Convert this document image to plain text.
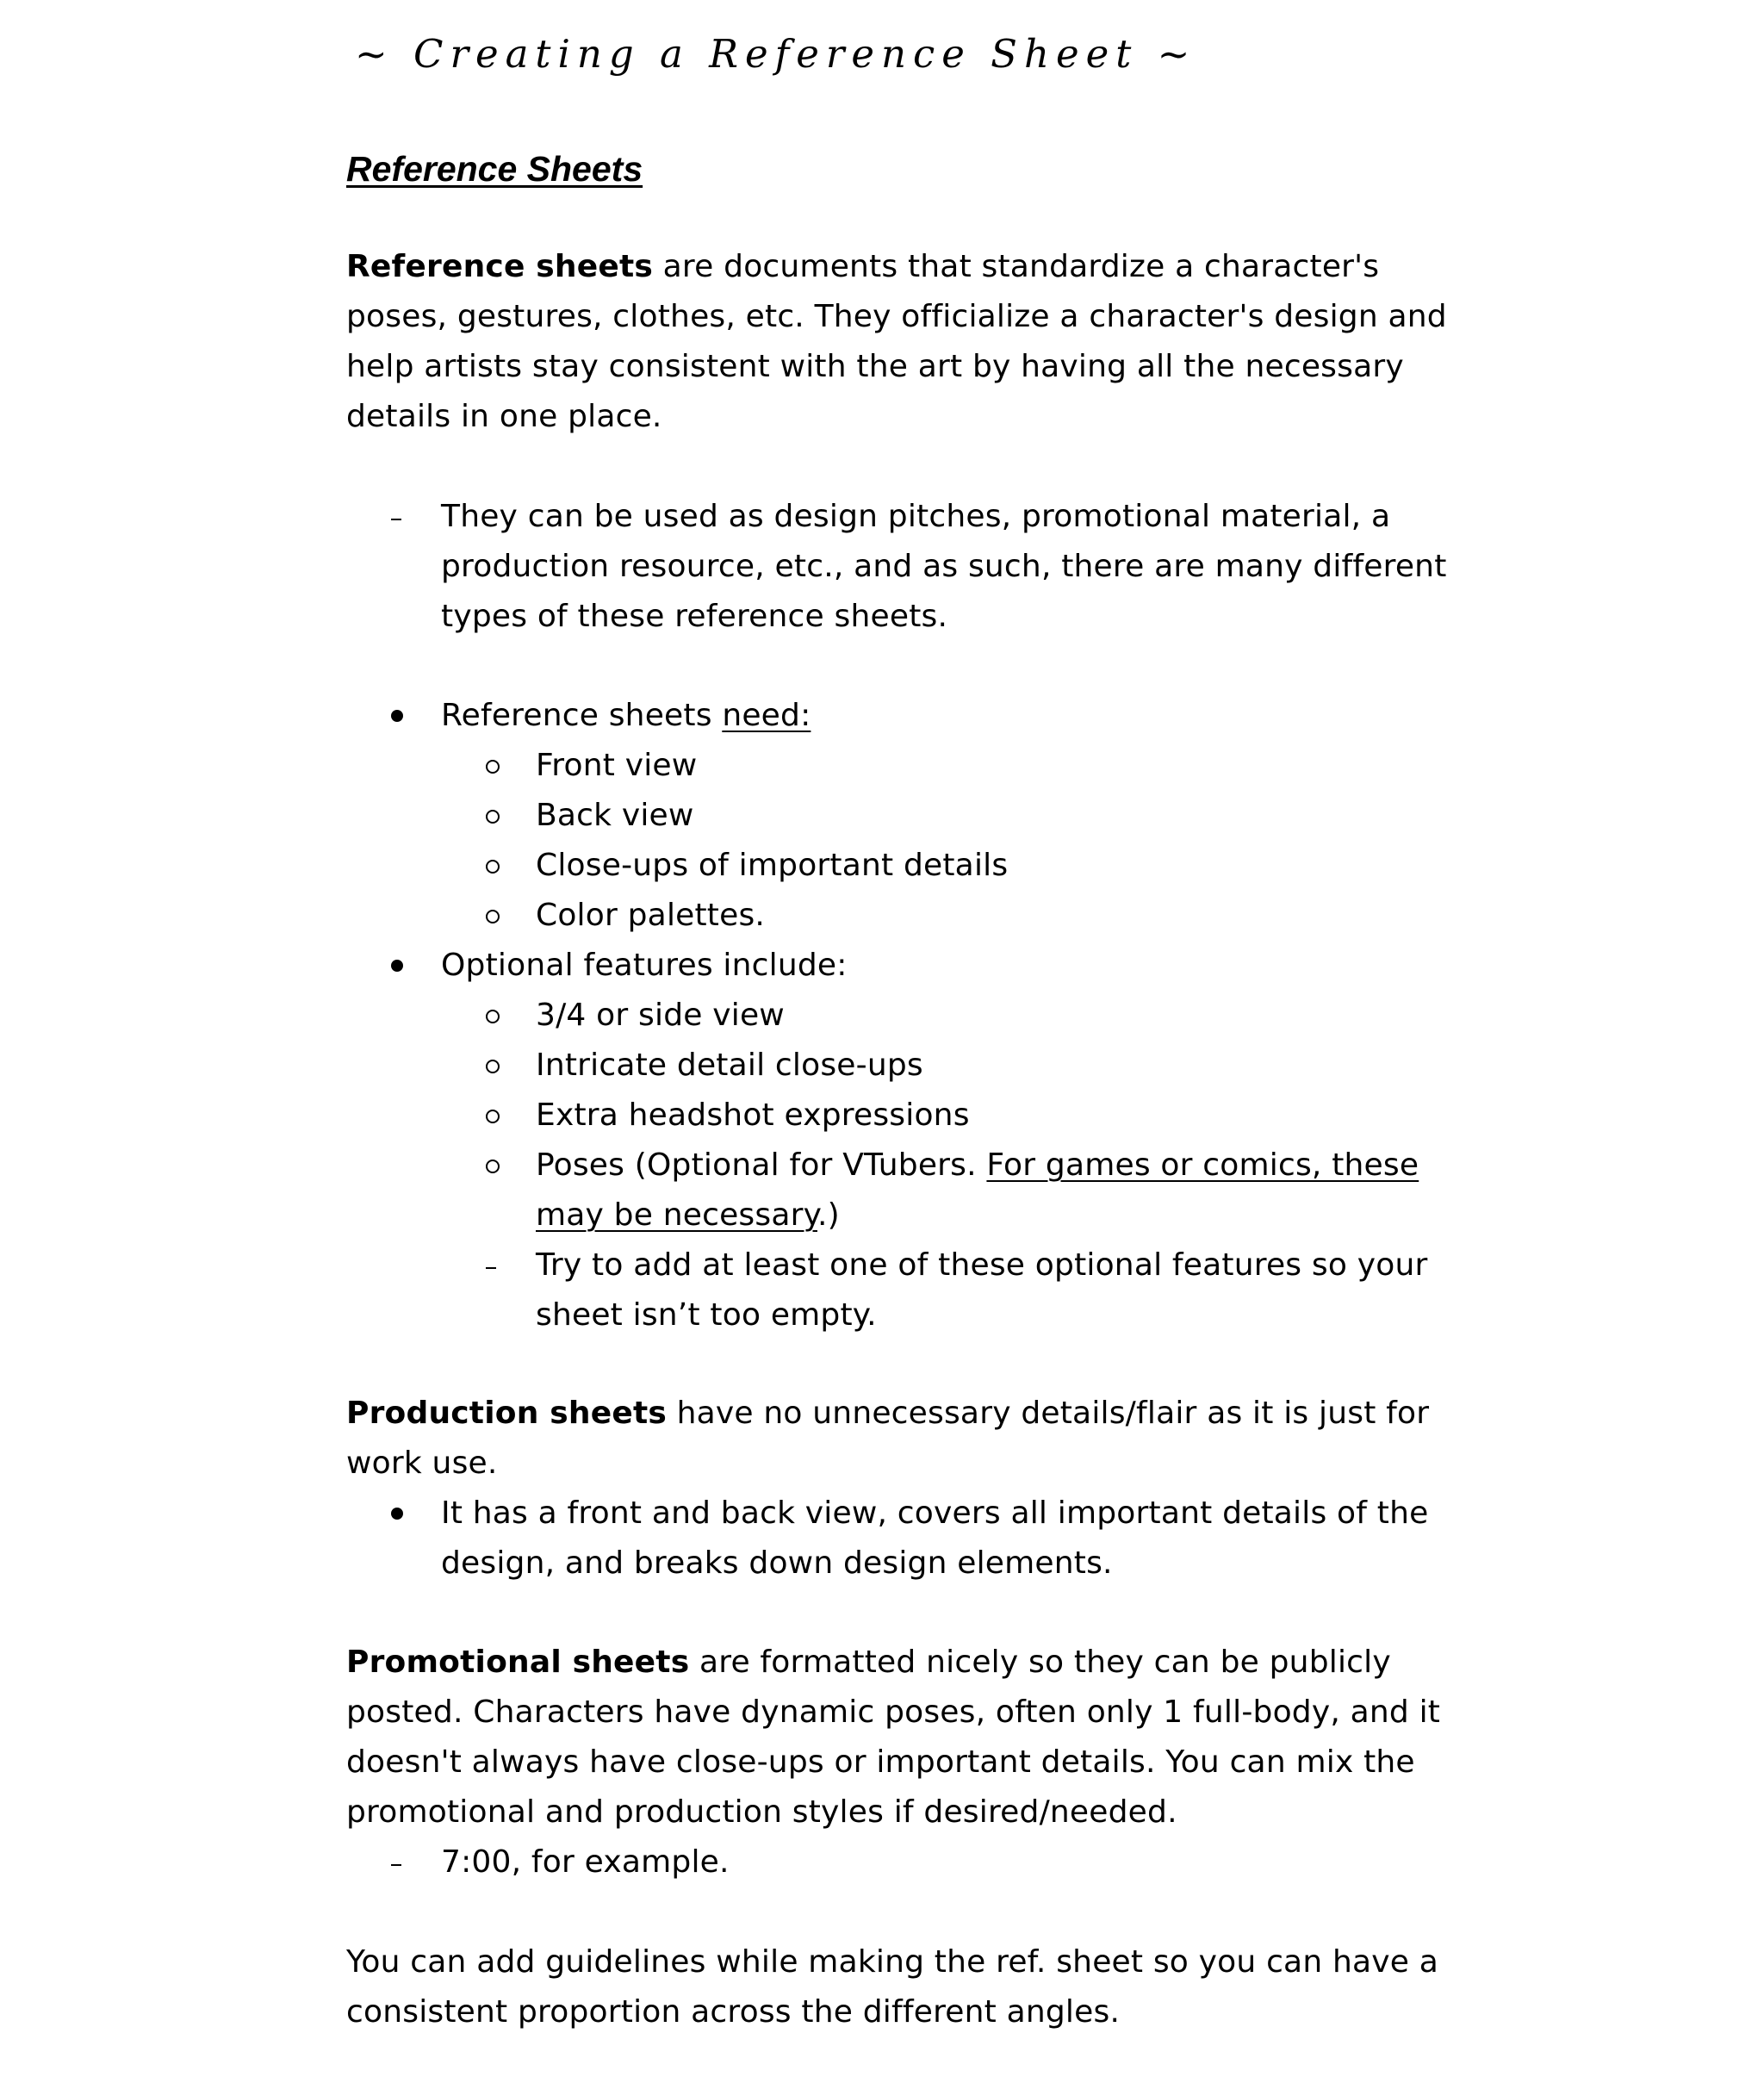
~ Creating a Reference Sheet ~
Reference Sheets

Reference sheets are documents that standardize a character's poses, gestures, clothes, etc. They officialize a character's design and help artists stay consistent with the art by having all the necessary details in one place.

They can be used as design pitches, promotional material, a production resource, etc., and as such, there are many different types of these reference sheets.
Reference sheets need:
Front view
Back view
Close-ups of important details
Color palettes.
Optional features include:
3/4 or side view
Intricate detail close-ups
Extra headshot expressions
Poses (Optional for VTubers. For games or comics, these may be necessary.)
Try to add at least one of these optional features so your sheet isn’t too empty.

Production sheets have no unnecessary details/flair as it is just for work use.

It has a front and back view, covers all important details of the design, and breaks down design elements.

Promotional sheets are formatted nicely so they can be publicly posted. Characters have dynamic poses, often only 1 full-body, and it doesn't always have close-ups or important details. You can mix the promotional and production styles if desired/needed.

7:00, for example.

You can add guidelines while making the ref. sheet so you can have a consistent proportion across the different angles.
